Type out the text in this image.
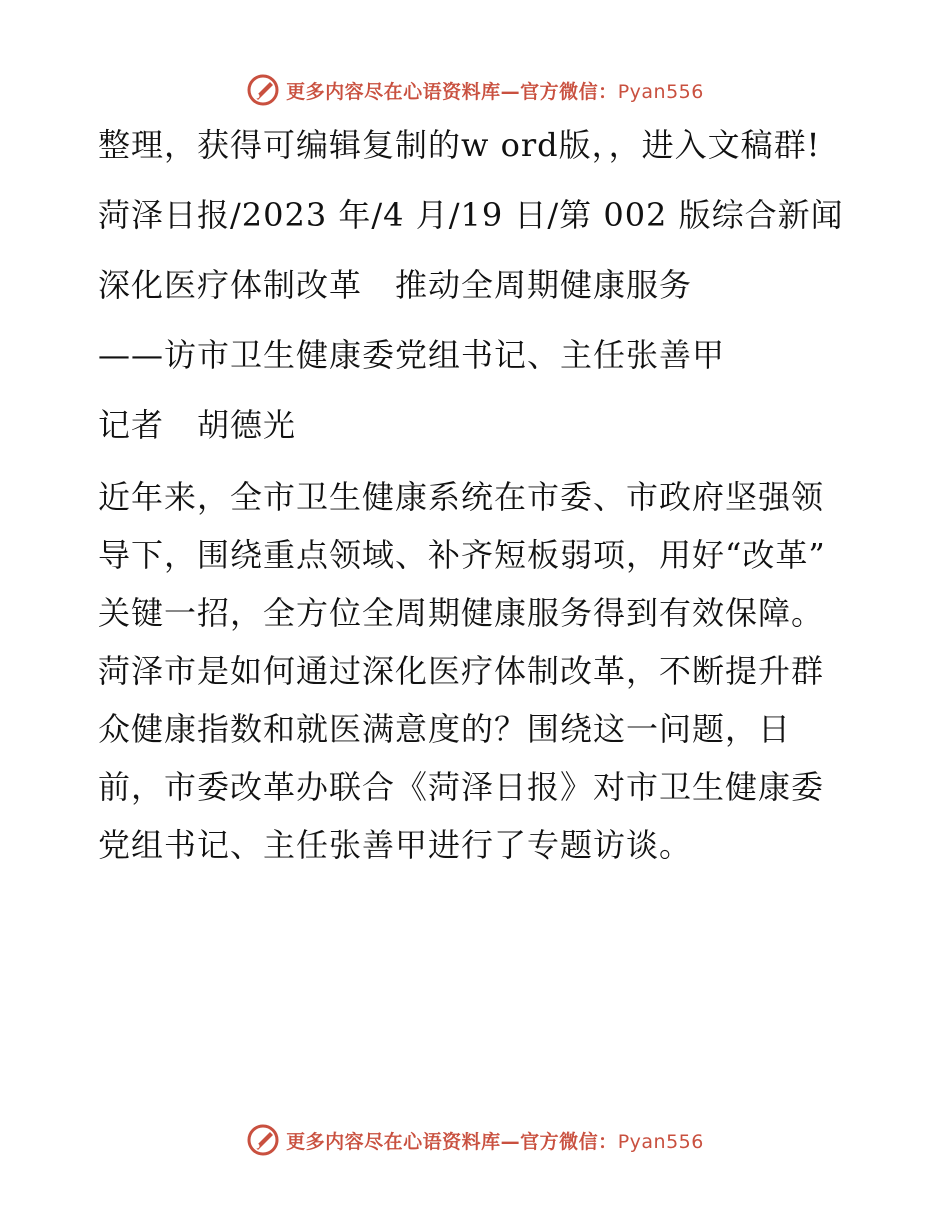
更多内容尽在心语资料库—官方微信：Pyan556

整理，获得可编辑复制的w ord版，，进入文稿群!

菏泽日报/2023 年/4 月/19 日/第 002 版综合新闻

深化医疗体制改革　推动全周期健康服务

——访市卫生健康委党组书记、主任张善甲

记者　胡德光

近年来，全市卫生健康系统在市委、市政府坚强领导下，围绕重点领域、补齐短板弱项，用好“改革” 关键一招，全方位全周期健康服务得到有效保障。菏泽市是如何通过深化医疗体制改革，不断提升群众健康指数和就医满意度的？围绕这一问题，日前，市委改革办联合《菏泽日报》对市卫生健康委党组书记、主任张善甲进行了专题访谈。

更多内容尽在心语资料库—官方微信：Pyan556
